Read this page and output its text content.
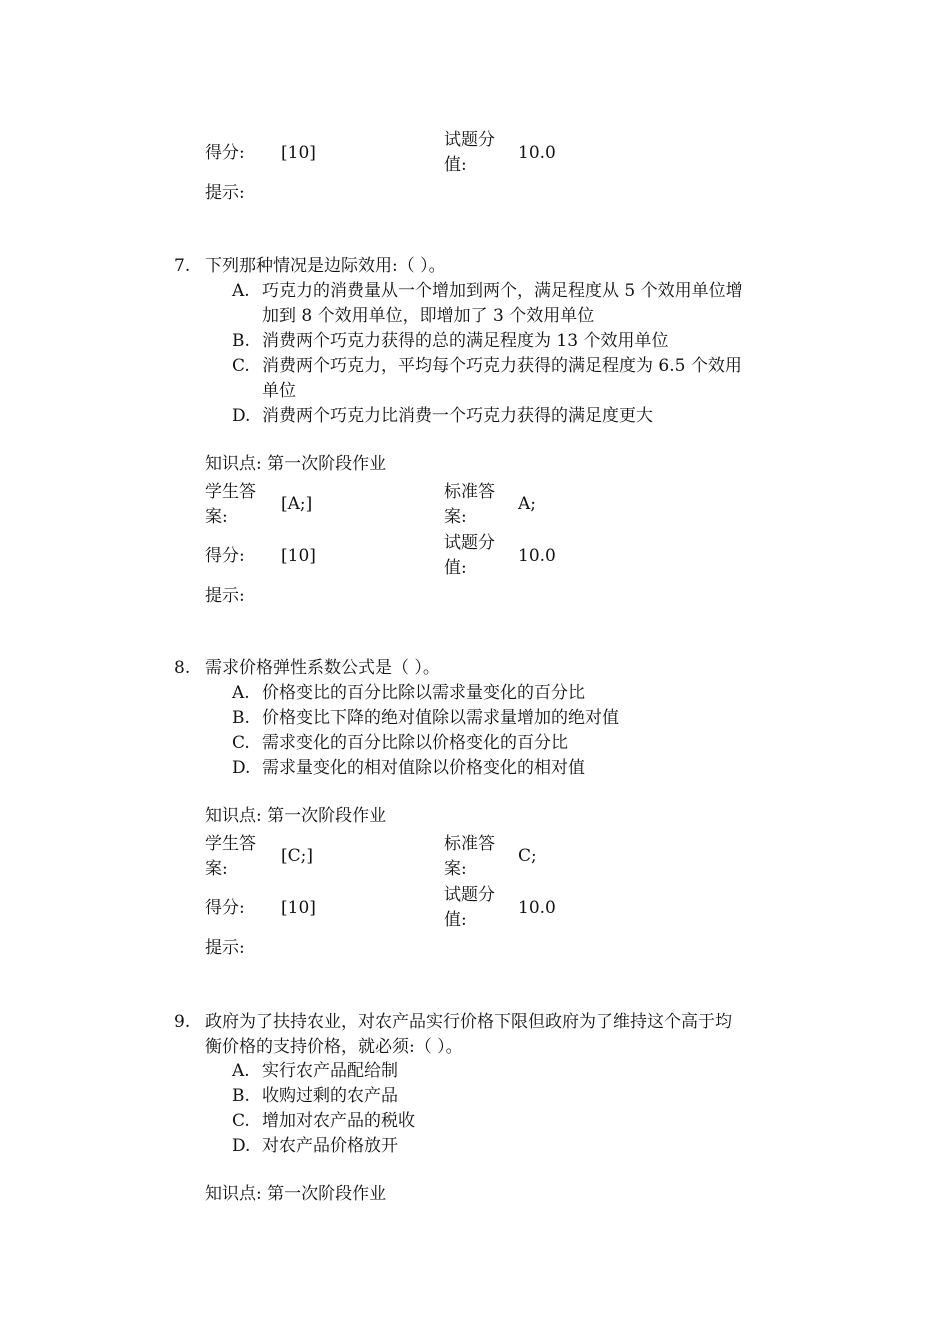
得分: [10]
试题分
值:
10.0
提示:
7. 下列那种情况是边际效用:（ ）。
A. 巧克力的消费量从一个增加到两个，满足程度从 5 个效用单位增
加到 8 个效用单位，即增加了 3 个效用单位
B. 消费两个巧克力获得的总的满足程度为 13 个效用单位
C. 消费两个巧克力，平均每个巧克力获得的满足程度为 6.5 个效用
单位
D. 消费两个巧克力比消费一个巧克力获得的满足度更大
知识点: 第一次阶段作业
学生答
案:
[A;]
标准答
案:
A;
得分: [10]
试题分
值:
10.0
提示:
8. 需求价格弹性系数公式是（ ）。
A. 价格变比的百分比除以需求量变化的百分比
B. 价格变比下降的绝对值除以需求量增加的绝对值
C. 需求变化的百分比除以价格变化的百分比
D. 需求量变化的相对值除以价格变化的相对值
知识点: 第一次阶段作业
学生答
案:
[C;]
标准答
案:
C;
得分: [10]
试题分
值:
10.0
提示:
9. 政府为了扶持农业，对农产品实行价格下限但政府为了维持这个高于均
衡价格的支持价格，就必须:（ ）。
A. 实行农产品配给制
B. 收购过剩的农产品
C. 增加对农产品的税收
D. 对农产品价格放开
知识点: 第一次阶段作业
